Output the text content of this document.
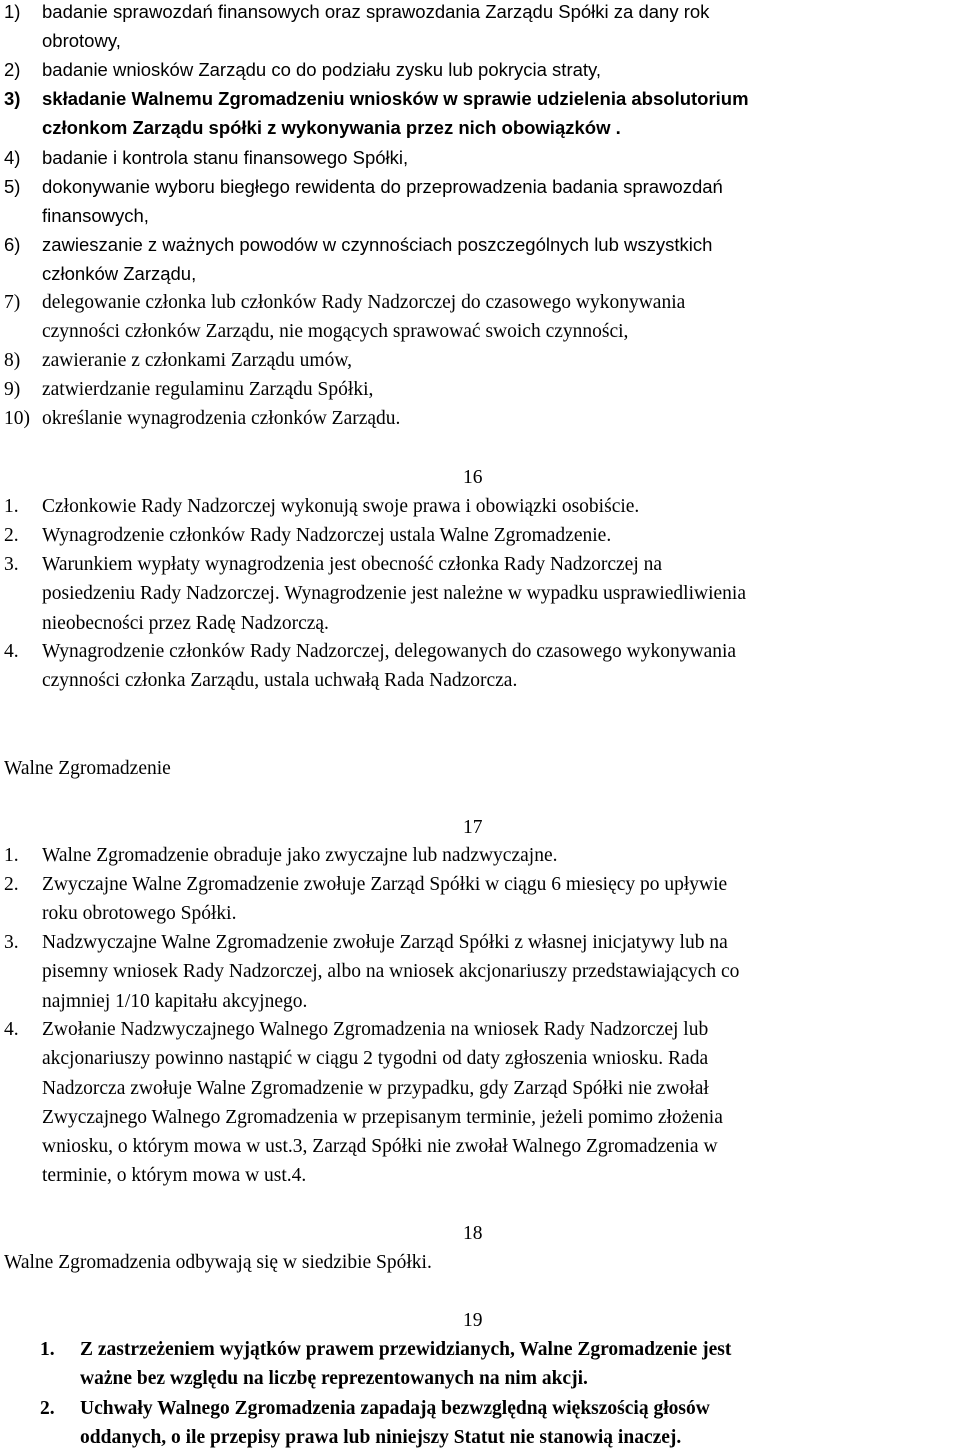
1)	badanie sprawozdań finansowych oraz sprawozdania Zarządu Spółki za dany rok
obrotowy,
2)	badanie wniosków Zarządu co do podziału zysku lub pokrycia straty,
3)	składanie Walnemu Zgromadzeniu wniosków w sprawie udzielenia absolutorium
członkom Zarządu spółki z wykonywania przez nich obowiązków .
4)	badanie i kontrola stanu finansowego Spółki,
5)	dokonywanie wyboru biegłego rewidenta do przeprowadzenia badania sprawozdań
finansowych,
6)	zawieszanie z ważnych powodów w czynnościach poszczególnych lub wszystkich
członków Zarządu,
7)	delegowanie członka lub członków Rady Nadzorczej do czasowego wykonywania
czynności członków Zarządu, nie mogących sprawować swoich czynności,
8)	zawieranie z członkami Zarządu umów,
9)	zatwierdzanie regulaminu Zarządu Spółki,
10) określanie wynagrodzenia członków Zarządu.
16
1.	Członkowie Rady Nadzorczej wykonują swoje prawa i obowiązki osobiście.
2.	Wynagrodzenie członków Rady Nadzorczej ustala Walne Zgromadzenie.
3.	Warunkiem wypłaty wynagrodzenia jest obecność członka Rady Nadzorczej na
posiedzeniu Rady Nadzorczej. Wynagrodzenie jest należne w wypadku usprawiedliwienia
nieobecności przez Radę Nadzorczą.
4.	Wynagrodzenie członków Rady Nadzorczej, delegowanych do czasowego wykonywania
czynności członka Zarządu, ustala uchwałą Rada Nadzorcza.
Walne Zgromadzenie
17
1.	Walne Zgromadzenie obraduje jako zwyczajne lub nadzwyczajne.
2.	Zwyczajne Walne Zgromadzenie zwołuje Zarząd Spółki w ciągu 6 miesięcy po upływie
roku obrotowego Spółki.
3.	Nadzwyczajne Walne Zgromadzenie zwołuje Zarząd Spółki z własnej inicjatywy lub na
pisemny wniosek Rady Nadzorczej, albo na wniosek akcjonariuszy przedstawiających co
najmniej 1/10 kapitału akcyjnego.
4.	Zwołanie Nadzwyczajnego Walnego Zgromadzenia na wniosek Rady Nadzorczej lub
akcjonariuszy powinno nastąpić w ciągu 2 tygodni od daty zgłoszenia wniosku. Rada
Nadzorcza zwołuje Walne Zgromadzenie w przypadku, gdy Zarząd Spółki nie zwołał
Zwyczajnego Walnego Zgromadzenia w przepisanym terminie, jeżeli pomimo złożenia
wniosku, o którym mowa w ust.3, Zarząd Spółki nie zwołał Walnego Zgromadzenia w
terminie, o którym mowa w ust.4.
18
Walne Zgromadzenia odbywają się w siedzibie Spółki.
19
1.	Z zastrzeżeniem wyjątków prawem przewidzianych, Walne Zgromadzenie jest
ważne bez względu na liczbę reprezentowanych na nim akcji.
2.	Uchwały Walnego Zgromadzenia zapadają bezwzględną większością głosów
oddanych, o ile przepisy prawa lub niniejszy Statut nie stanowią inaczej.
